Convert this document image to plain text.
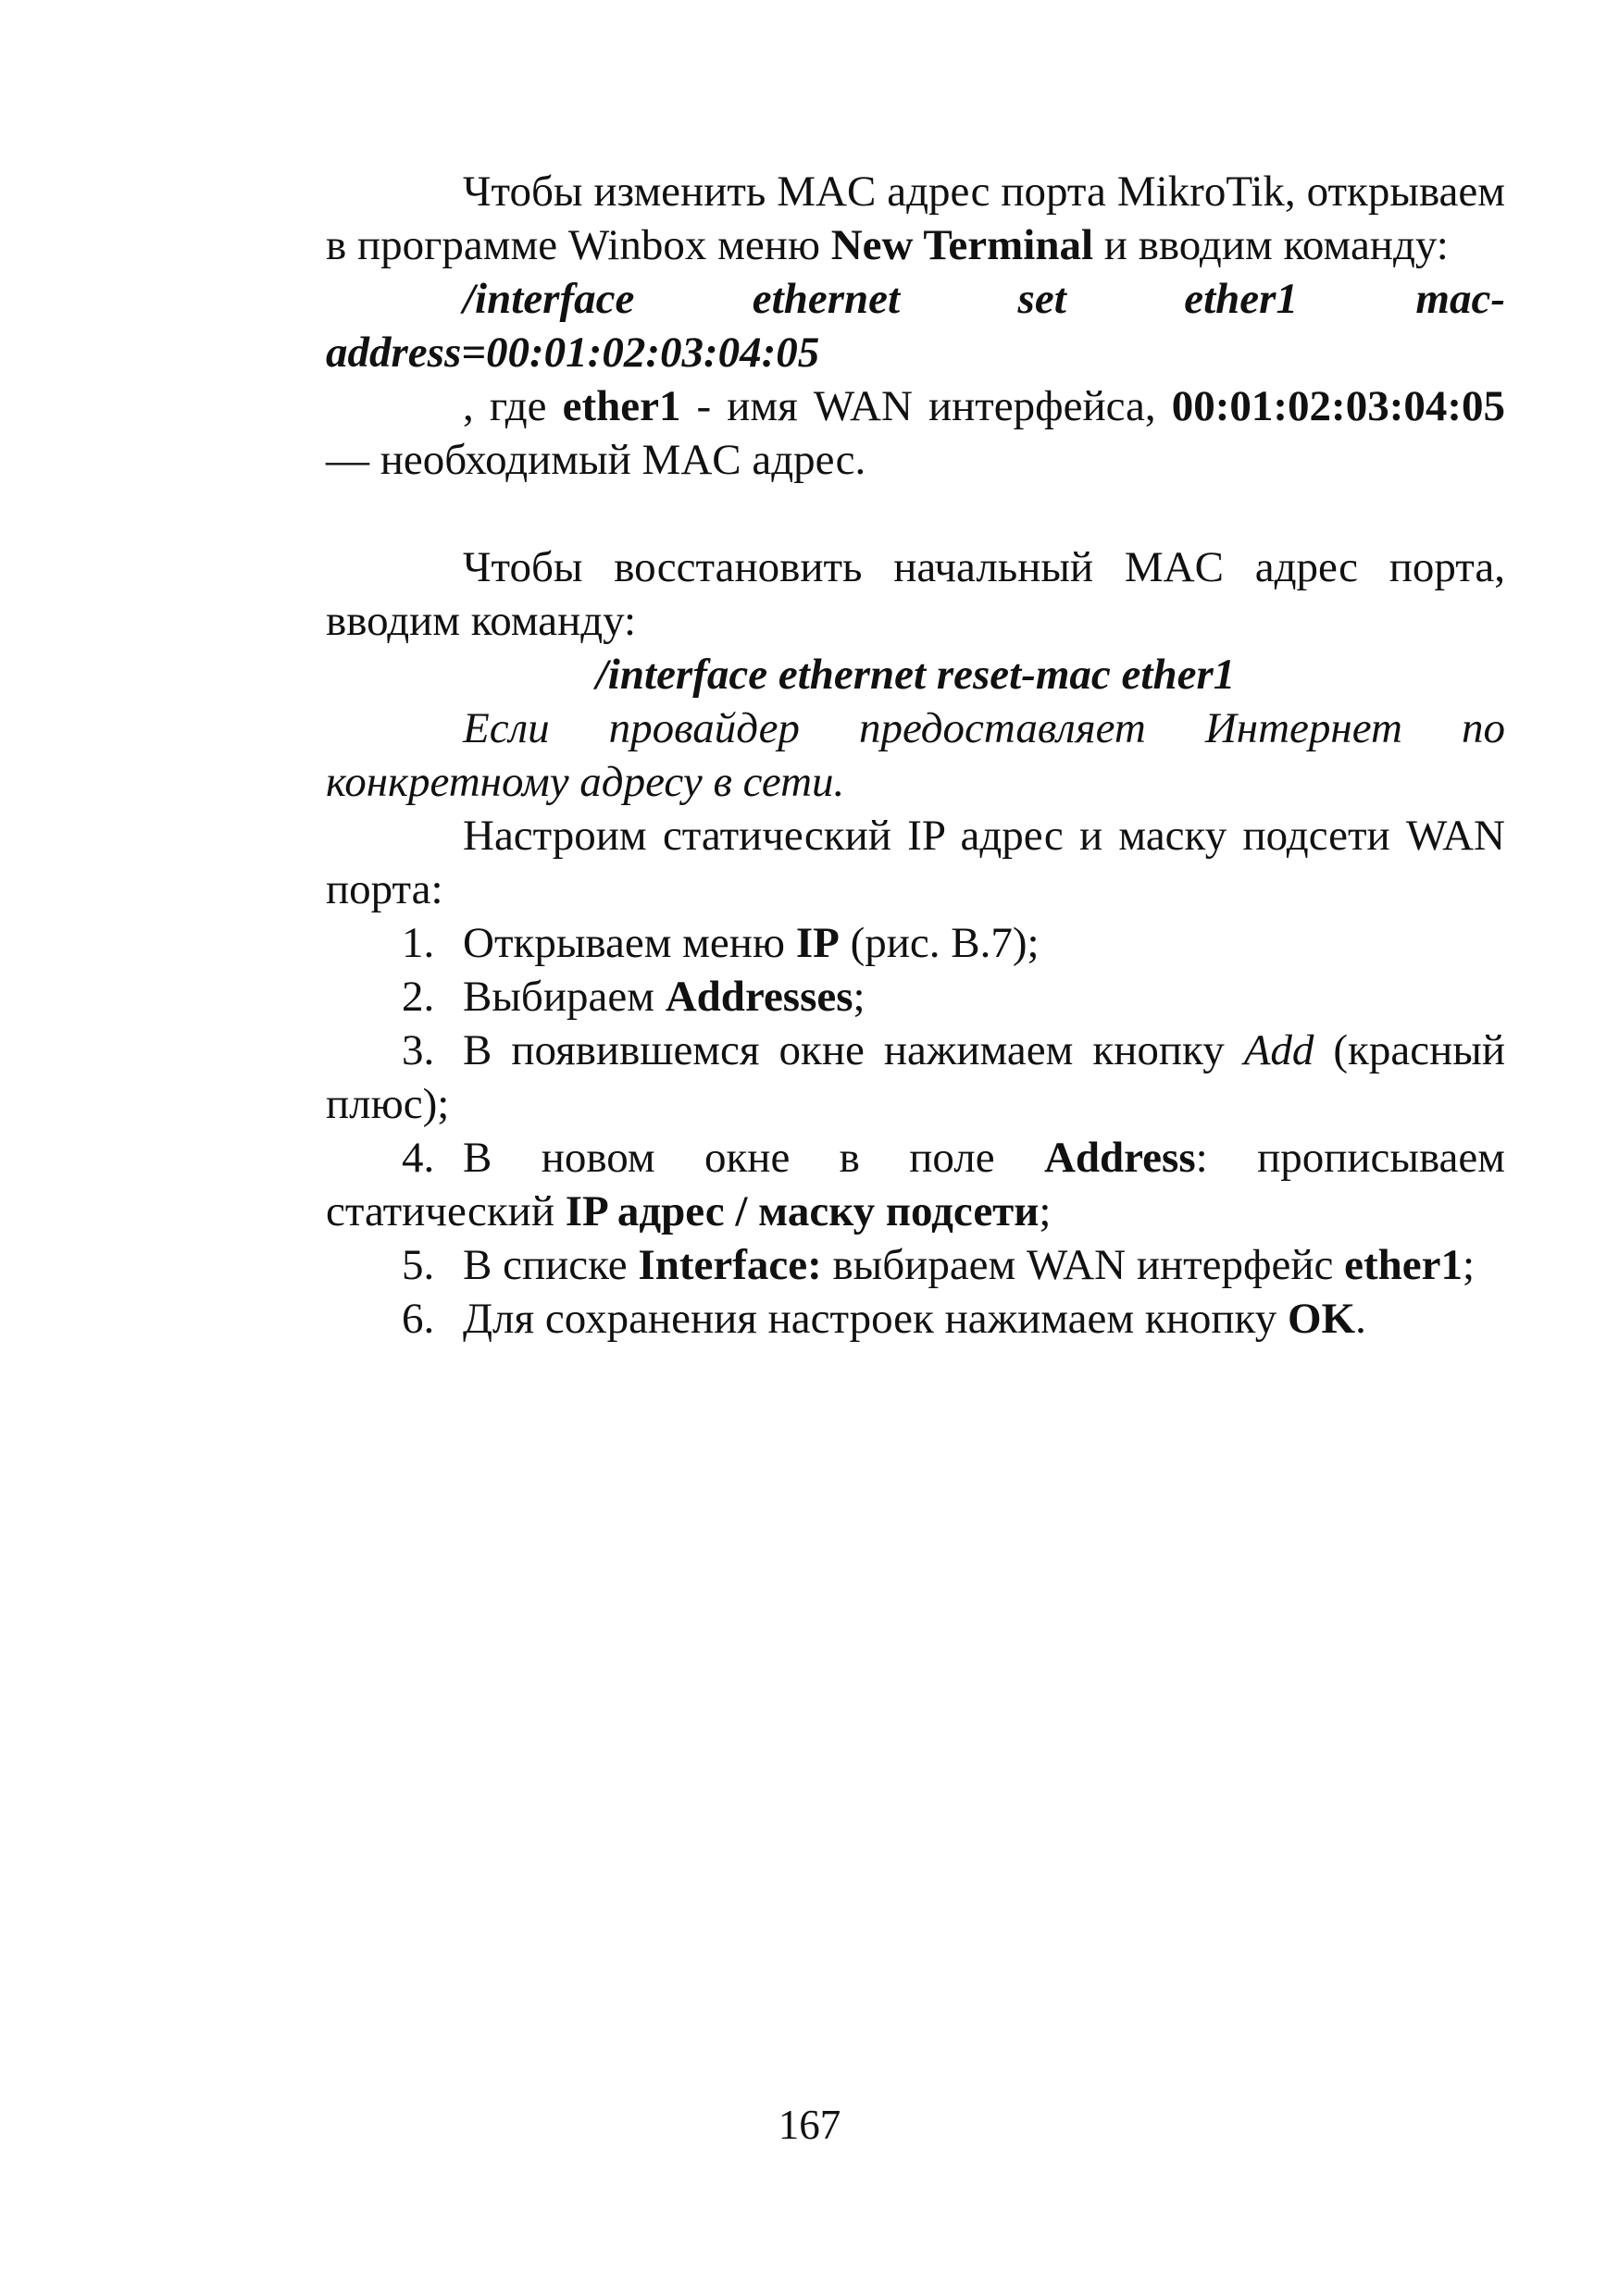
Чтобы изменить MAC адрес порта MikroTik, открываем в программе Winbox меню New Terminal и вводим команду:

/interface ethernet set ether1 mac-address=00:01:02:03:04:05

, где ether1 - имя WAN интерфейса, 00:01:02:03:04:05 — необходимый MAC адрес.

Чтобы восстановить начальный MAC адрес порта, вводим команду:

/interface ethernet reset-mac ether1

Если провайдер предоставляет Интернет по конкретному адресу в сети.

Настроим статический IP адрес и маску подсети WAN порта:

1. Открываем меню IP (рис. В.7);

2. Выбираем Addresses;

3. В появившемся окне нажимаем кнопку Add (красный плюс);

4. В новом окне в поле Address: прописываем статический IP адрес / маску подсети;

5. В списке Interface: выбираем WAN интерфейс ether1;

6. Для сохранения настроек нажимаем кнопку OK.

167
